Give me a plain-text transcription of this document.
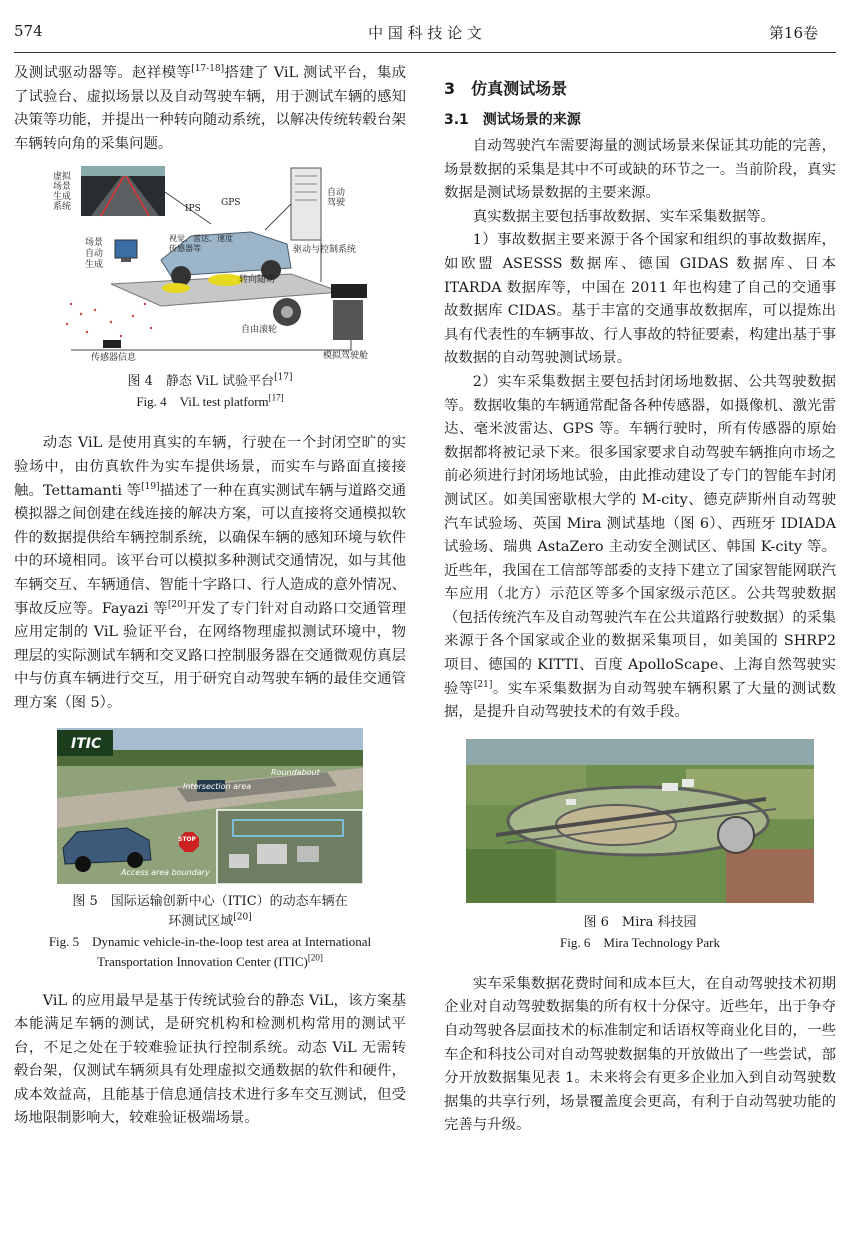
574	中 国 科 技 论 文	第16卷

及测试驱动器等。赵祥模等[17-18]搭建了 ViL 测试平台，集成了试验台、虚拟场景以及自动驾驶车辆，用于测试车辆的感知决策等功能，并提出一种转向随动系统，以解决传统转毂台架车辆转向角的采集问题。

虚拟场景生成系统	GPS
IPS
视觉、雷达、速度传感器等
自动驾驶
驱动与控制系统
场景自动生成
转向随动
自由滚轮
模拟驾驶舱
传感器信息

图 4　静态 ViL 试验平台[17]

Fig. 4　ViL test platform[17]

动态 ViL 是使用真实的车辆，行驶在一个封闭空旷的实验场中，由仿真软件为实车提供场景，而实车与路面直接接触。Tettamanti 等[19]描述了一种在真实测试车辆与道路交通模拟器之间创建在线连接的解决方案，可以直接将交通模拟软件的数据提供给车辆控制系统，以确保车辆的感知环境与软件中的环境相同。该平台可以模拟多种测试交通情况，如与其他车辆交互、车辆通信、智能十字路口、行人造成的意外情况、事故反应等。Fayazi 等[20]开发了专门针对自动路口交通管理应用定制的 ViL 验证平台，在网络物理虚拟测试环境中，物理层的实际测试车辆和交叉路口控制服务器在交通微观仿真层中与仿真车辆进行交互，用于研究自动驾驶车辆的最佳交通管理方案（图 5）。

ITIC
Intersection area
Roundabout
Access area boundary
STOP

图 5　国际运输创新中心（ITIC）的动态车辆在

环测试区域[20]

Fig. 5　Dynamic vehicle-in-the-loop test area at International

Transportation Innovation Center (ITIC)[20]

ViL 的应用最早是基于传统试验台的静态 ViL，该方案基本能满足车辆的测试，是研究机构和检测机构常用的测试平台，不足之处在于较难验证执行控制系统。动态 ViL 无需转毂台架，仅测试车辆须具有处理虚拟交通数据的软件和硬件，成本效益高，且能基于信息通信技术进行多车交互测试，但受场地限制影响大，较难验证极端场景。

3　仿真测试场景
3.1　测试场景的来源

自动驾驶汽车需要海量的测试场景来保证其功能的完善，场景数据的采集是其中不可或缺的环节之一。当前阶段，真实数据是测试场景数据的主要来源。

真实数据主要包括事故数据、实车采集数据等。

1）事故数据主要来源于各个国家和组织的事故数据库，如欧盟 ASESSS 数据库、德国 GIDAS 数据库、日本 ITARDA 数据库等，中国在 2011 年也构建了自己的交通事故数据库 CIDAS。基于丰富的交通事故数据库，可以提炼出具有代表性的车辆事故、行人事故的特征要素，构建出基于事故数据的自动驾驶测试场景。

2）实车采集数据主要包括封闭场地数据、公共驾驶数据等。数据收集的车辆通常配备各种传感器，如摄像机、激光雷达、毫米波雷达、GPS 等。车辆行驶时，所有传感器的原始数据都将被记录下来。很多国家要求自动驾驶车辆推向市场之前必须进行封闭场地试验，由此推动建设了专门的智能车封闭测试区。如美国密歇根大学的 M-city、德克萨斯州自动驾驶汽车试验场、英国 Mira 测试基地（图 6）、西班牙 IDIADA 试验场、瑞典 AstaZero 主动安全测试区、韩国 K-city 等。近些年，我国在工信部等部委的支持下建立了国家智能网联汽车应用（北方）示范区等多个国家级示范区。公共驾驶数据（包括传统汽车及自动驾驶汽车在公共道路行驶数据）的采集来源于各个国家或企业的数据采集项目，如美国的 SHRP2 项目、德国的 KITTI、百度 ApolloScape、上海自然驾驶实验等[21]。实车采集数据为自动驾驶车辆积累了大量的测试数据，是提升自动驾驶技术的有效手段。

图 6　Mira 科技园

Fig. 6　Mira Technology Park

实车采集数据花费时间和成本巨大，在自动驾驶技术初期企业对自动驾驶数据集的所有权十分保守。近些年，出于争夺自动驾驶各层面技术的标准制定和话语权等商业化目的，一些车企和科技公司对自动驾驶数据集的开放做出了一些尝试，部分开放数据集见表 1。未来将会有更多企业加入到自动驾驶数据集的共享行列，场景覆盖度会更高，有利于自动驾驶功能的完善与升级。
